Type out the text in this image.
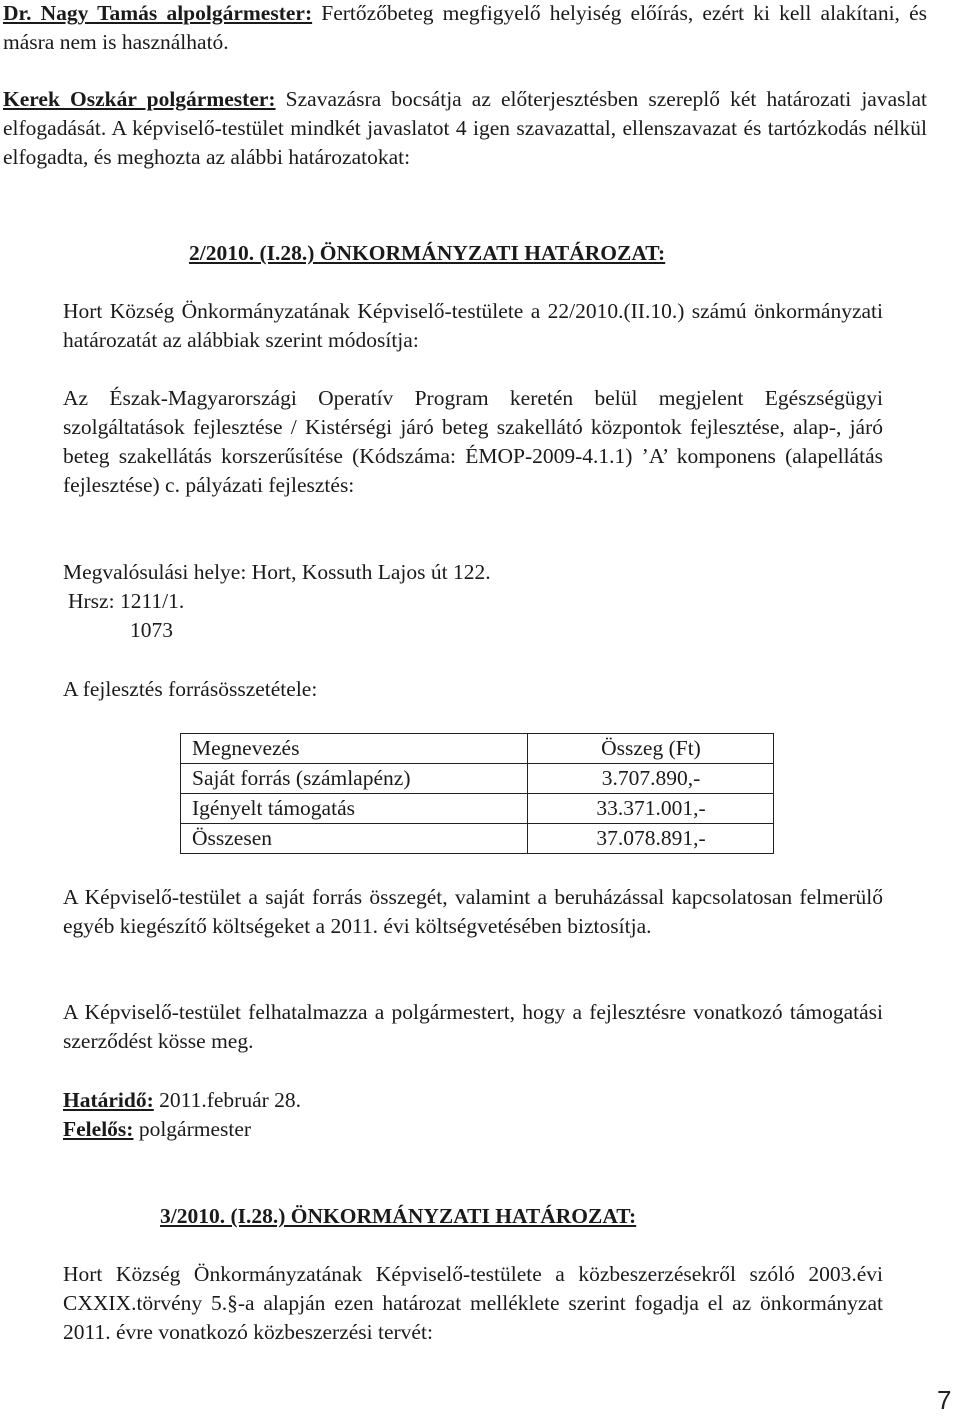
Dr. Nagy Tamás alpolgármester: Fertőzőbeteg megfigyelő helyiség előírás, ezért ki kell alakítani, és másra nem is használható.

Kerek Oszkár polgármester: Szavazásra bocsátja az előterjesztésben szereplő két határozati javaslat elfogadását. A képviselő-testület mindkét javaslatot 4 igen szavazattal, ellenszavazat és tartózkodás nélkül elfogadta, és meghozta az alábbi határozatokat:

2/2010. (I.28.) ÖNKORMÁNYZATI HATÁROZAT:

Hort Község Önkormányzatának Képviselő-testülete a 22/2010.(II.10.) számú önkormányzati határozatát az alábbiak szerint módosítja:

Az Észak-Magyarországi Operatív Program keretén belül megjelent Egészségügyi szolgáltatások fejlesztése / Kistérségi járó beteg szakellátó központok fejlesztése, alap-, járó beteg szakellátás korszerűsítése (Kódszáma: ÉMOP-2009-4.1.1) ’A’ komponens (alapellátás fejlesztése) c. pályázati fejlesztés:

Megvalósulási helye: Hort, Kossuth Lajos út 122.
Hrsz: 1211/1.
1073
A fejlesztés forrásösszetétele:
Megnevezés	Összeg (Ft)
Saját forrás (számlapénz)	3.707.890,-
Igényelt támogatás	33.371.001,-
Összesen	37.078.891,-

A Képviselő-testület a saját forrás összegét, valamint a beruházással kapcsolatosan felmerülő egyéb kiegészítő költségeket a 2011. évi költségvetésében biztosítja.

A Képviselő-testület felhatalmazza a polgármestert, hogy a fejlesztésre vonatkozó támogatási szerződést kösse meg.

Határidő: 2011.február 28.
Felelős: polgármester
3/2010. (I.28.) ÖNKORMÁNYZATI HATÁROZAT:

Hort Község Önkormányzatának Képviselő-testülete a közbeszerzésekről szóló 2003.évi CXXIX.törvény 5.§-a alapján ezen határozat melléklete szerint fogadja el az önkormányzat 2011. évre vonatkozó közbeszerzési tervét:

7
